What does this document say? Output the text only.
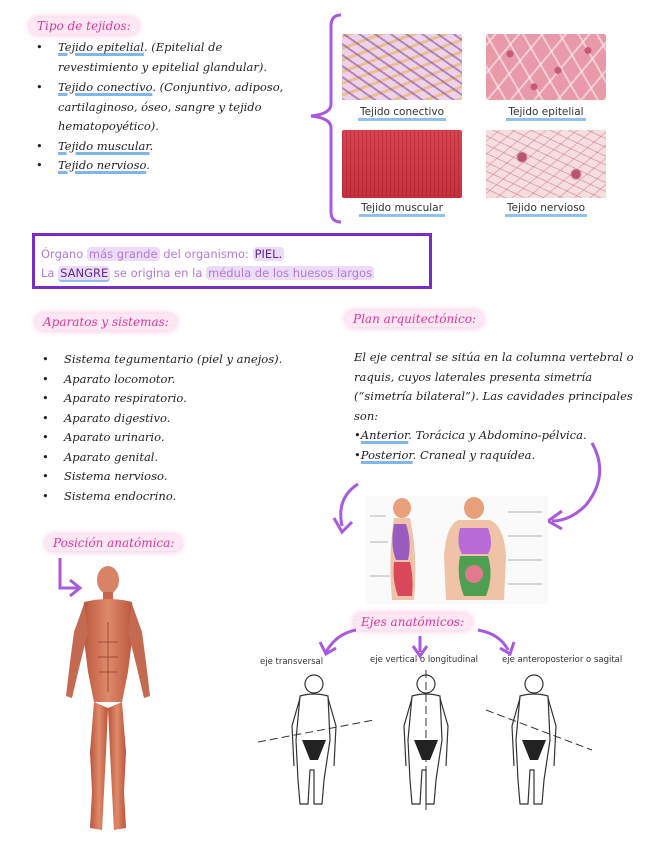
Tipo de tejidos:
• Tejido epitelial. (Epitelial de revestimiento y epitelial glandular).
• Tejido conectivo. (Conjuntivo, adiposo, cartilaginoso, óseo, sangre y tejido hematopoyético).
• Tejido muscular.
• Tejido nervioso.
Tejido conectivo	Tejido epitelial
Tejido muscular	Tejido nervioso
Órgano más grande del organismo: PIEL.
La SANGRE se origina en la médula de los huesos largos
Aparatos y sistemas:
• Sistema tegumentario (piel y anejos).
• Aparato locomotor.
• Aparato respiratorio.
• Aparato digestivo.
• Aparato urinario.
• Aparato genital.
• Sistema nervioso.
• Sistema endocrino.
Plan arquitectónico:
El eje central se sitúa en la columna vertebral o raquis, cuyos laterales presenta simetría (“simetría bilateral”). Las cavidades principales son:
•Anterior. Torácica y Abdomino-pélvica.
•Posterior. Craneal y raquídea.
Posición anatómica:
Ejes anatómicos:
eje transversal	eje vertical o longitudinal	eje anteroposterior o sagital
